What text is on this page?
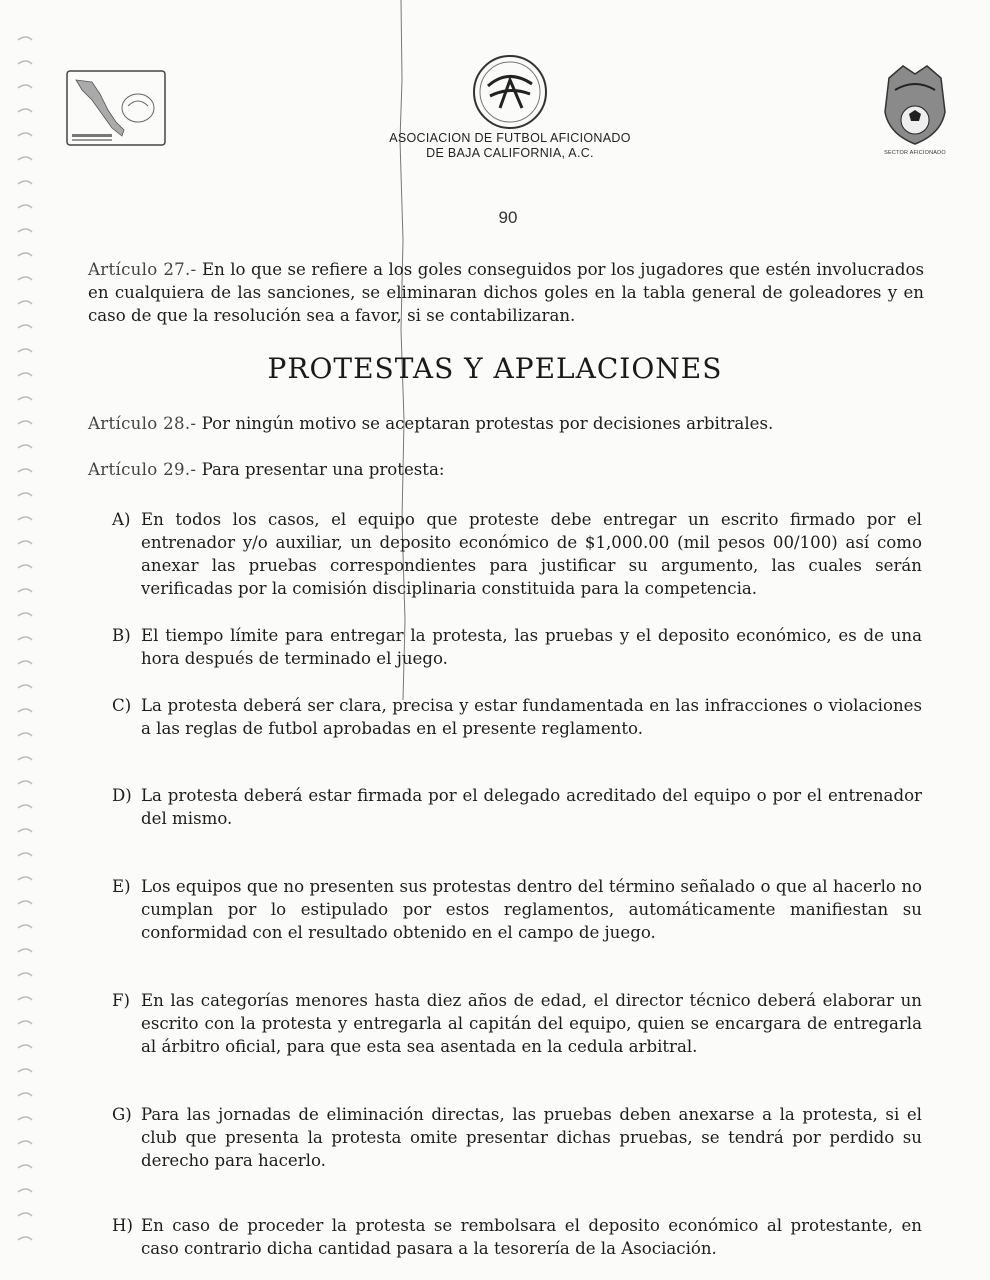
SECTOR AFICIONADO
ASOCIACION DE FUTBOL AFICIONADO
DE BAJA CALIFORNIA, A.C.
90
Artículo 27.- En lo que se refiere a los goles conseguidos por los jugadores que estén involucrados en cualquiera de las sanciones, se eliminaran dichos goles en la tabla general de goleadores y en caso de que la resolución sea a favor, si se contabilizaran.
PROTESTAS Y APELACIONES
Artículo 28.- Por ningún motivo se aceptaran protestas por decisiones arbitrales.
Artículo 29.- Para presentar una protesta:
A) En todos los casos, el equipo que proteste debe entregar un escrito firmado por el entrenador y/o auxiliar, un deposito económico de $1,000.00 (mil pesos 00/100) así como anexar las pruebas correspondientes para justificar su argumento, las cuales serán verificadas por la comisión disciplinaria constituida para la competencia.
B) El tiempo límite para entregar la protesta, las pruebas y el deposito económico, es de una hora después de terminado el juego.
C) La protesta deberá ser clara, precisa y estar fundamentada en las infracciones o violaciones a las reglas de futbol aprobadas en el presente reglamento.
D) La protesta deberá estar firmada por el delegado acreditado del equipo o por el entrenador del mismo.
E) Los equipos que no presenten sus protestas dentro del término señalado o que al hacerlo no cumplan por lo estipulado por estos reglamentos, automáticamente manifiestan su conformidad con el resultado obtenido en el campo de juego.
F) En las categorías menores hasta diez años de edad, el director técnico deberá elaborar un escrito con la protesta y entregarla al capitán del equipo, quien se encargara de entregarla al árbitro oficial, para que esta sea asentada en la cedula arbitral.
G) Para las jornadas de eliminación directas, las pruebas deben anexarse a la protesta, si el club que presenta la protesta omite presentar dichas pruebas, se tendrá por perdido su derecho para hacerlo.
H) En caso de proceder la protesta se rembolsara el deposito económico al protestante, en caso contrario dicha cantidad pasara a la tesorería de la Asociación.
